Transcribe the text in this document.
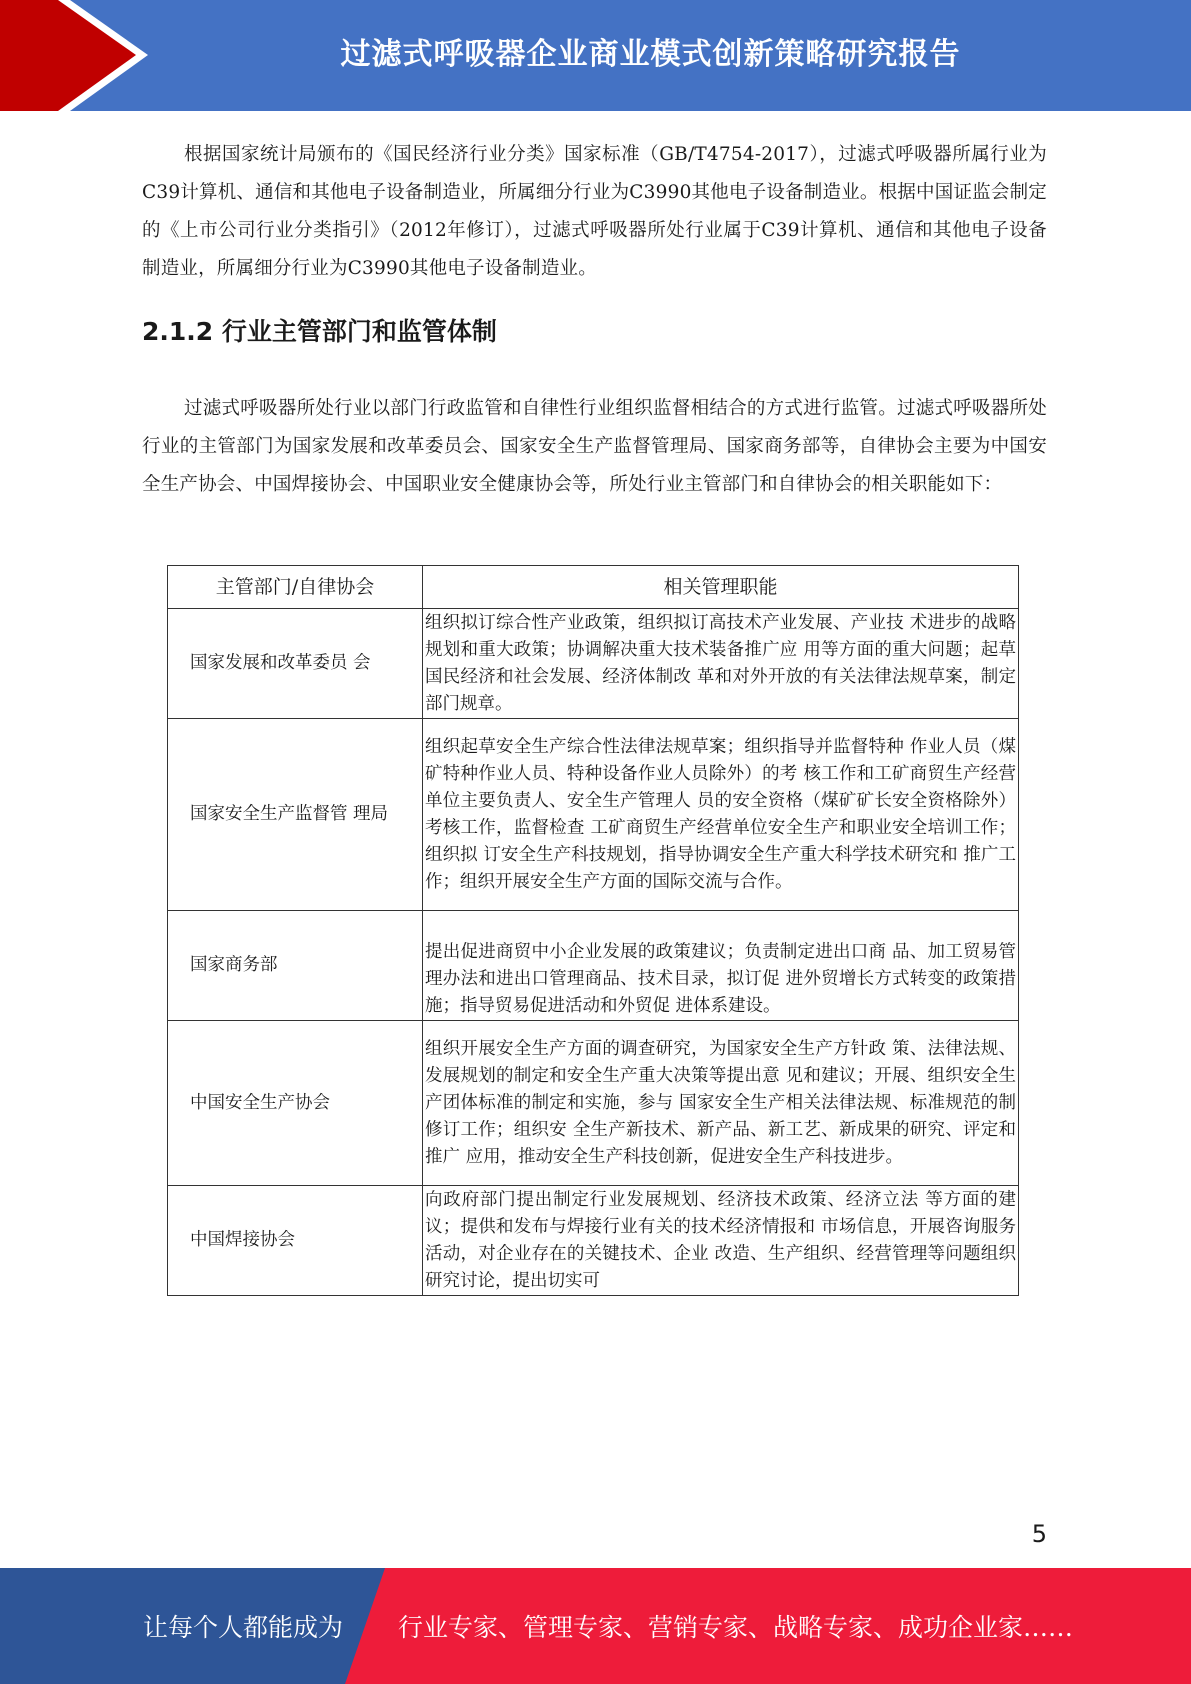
过滤式呼吸器企业商业模式创新策略研究报告

根据国家统计局颁布的《国民经济行业分类》国家标准（GB/T4754-2017），过滤式呼吸器所属行业为C39计算机、通信和其他电子设备制造业，所属细分行业为C3990其他电子设备制造业。根据中国证监会制定的《上市公司行业分类指引》（2012年修订），过滤式呼吸器所处行业属于C39计算机、通信和其他电子设备制造业，所属细分行业为C3990其他电子设备制造业。

2.1.2 行业主管部门和监管体制

过滤式呼吸器所处行业以部门行政监管和自律性行业组织监督相结合的方式进行监管。过滤式呼吸器所处行业的主管部门为国家发展和改革委员会、国家安全生产监督管理局、国家商务部等，自律协会主要为中国安全生产协会、中国焊接协会、中国职业安全健康协会等，所处行业主管部门和自律协会的相关职能如下：

主管部门/自律协会	相关管理职能
国家发展和改革委员 会	组织拟订综合性产业政策，组织拟订高技术产业发展、产业技 术进步的战略规划和重大政策；协调解决重大技术装备推广应 用等方面的重大问题；起草国民经济和社会发展、经济体制改 革和对外开放的有关法律法规草案，制定部门规章。
国家安全生产监督管 理局	组织起草安全生产综合性法律法规草案；组织指导并监督特种 作业人员（煤矿特种作业人员、特种设备作业人员除外）的考 核工作和工矿商贸生产经营单位主要负责人、安全生产管理人 员的安全资格（煤矿矿长安全资格除外）考核工作，监督检查 工矿商贸生产经营单位安全生产和职业安全培训工作；组织拟 订安全生产科技规划，指导协调安全生产重大科学技术研究和 推广工作；组织开展安全生产方面的国际交流与合作。
国家商务部	提出促进商贸中小企业发展的政策建议；负责制定进出口商 品、加工贸易管理办法和进出口管理商品、技术目录，拟订促 进外贸增长方式转变的政策措施；指导贸易促进活动和外贸促 进体系建设。
中国安全生产协会	组织开展安全生产方面的调查研究，为国家安全生产方针政 策、法律法规、发展规划的制定和安全生产重大决策等提出意 见和建议；开展、组织安全生产团体标准的制定和实施，参与 国家安全生产相关法律法规、标准规范的制修订工作；组织安 全生产新技术、新产品、新工艺、新成果的研究、评定和推广 应用，推动安全生产科技创新，促进安全生产科技进步。
中国焊接协会	向政府部门提出制定行业发展规划、经济技术政策、经济立法 等方面的建议；提供和发布与焊接行业有关的技术经济情报和 市场信息，开展咨询服务活动，对企业存在的关键技术、企业 改造、生产组织、经营管理等问题组织研究讨论，提出切实可
5
让每个人都能成为 行业专家、管理专家、营销专家、战略专家、成功企业家……
